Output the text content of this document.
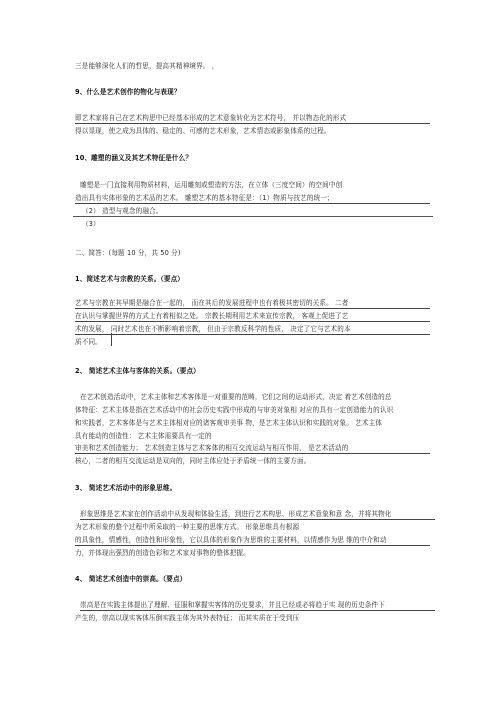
三是能够深化人们的哲思，提高其精神境界。 ，
9、什么是艺术创作的物化与表现？
即艺术家将自己在艺术构思中已经基本形成的艺术意象转化为艺术符号， 并以物态化的形式
得以显现，使之成为具体的、稳定的、可感的艺术形象，艺术情态或影象体系的过程。
10、雕塑的涵义及其艺术特征是什么？
雕塑是一门直接利用物质材料，运用雕刻或塑造的方法，在立体（三度空间）的空间中创
造出具有实体形象的艺术品的艺术。 雕塑艺术的基本特征是：（1）物质与技艺的统一；
（2） 造型与观念的融合。
（3）
二、简答：(每题 10 分，共 50 分)
1、简述艺术与宗教的关系。（要点）
艺术与宗教在其早期是融合在一起的， 而在其后的发展进程中也有着极其密切的关系。 二者
在认识与掌握世界的方式上有着相似之处。 宗教长期利用艺术来宣传宗教， 客观上促进了艺
术的发展， 同时艺术也在不断影响着宗教， 但由于宗教反科学的性质， 决定了它与艺术的本
质不同。
2、 简述艺术主体与客体的关系。（要点）
在艺术创造活动中，艺术主体和艺术客体是一对重要的范畴，它们之间的运动形式，决定 着艺术创造的总
体特征：艺术主体是指在艺术活动中的社会历史实践中形成的与审美对象相 对应的具有一定创造能力的认识
和实践者，艺术客体是与艺术主体相对应的诸客观审美事 物，是艺术主体认识和实践的对象。 艺术主体
具有能动的创造性： 艺术主体需要具有一定的
审美和艺术创造能力； 艺术创造主体与艺术客体的相互交流运动与相互作用， 是艺术活动的
核心，二者的相互交流运动是双向的，同时主体应处于矛盾统一体的主要方面。
3、 简述艺术活动中的形象思维。
形象思维是艺术家在创作活动中从发现和体验生活，到进行艺术构思、形成艺术意象和意 念，并将其物化
为艺术形象的整个过程中所采取的一种主要的思维方式。 形象思维具有根源
的具象性，情感性，创造性和形象性，它以具体的形象作为思维的主要材料，以情感作为思 维的中介和动
力，并体现出强烈的创造色彩和艺术家对事物的整体把握。
4、 简述艺术创造中的崇高。（要点）
崇高是在实践主体提出了理解、征服和掌握实客体的历史要求，并且已经或必将趋于实 现的历史条件下
产生的，崇高以现实客体压倒实践主体为其外表特征； 而其实质在于受到压
